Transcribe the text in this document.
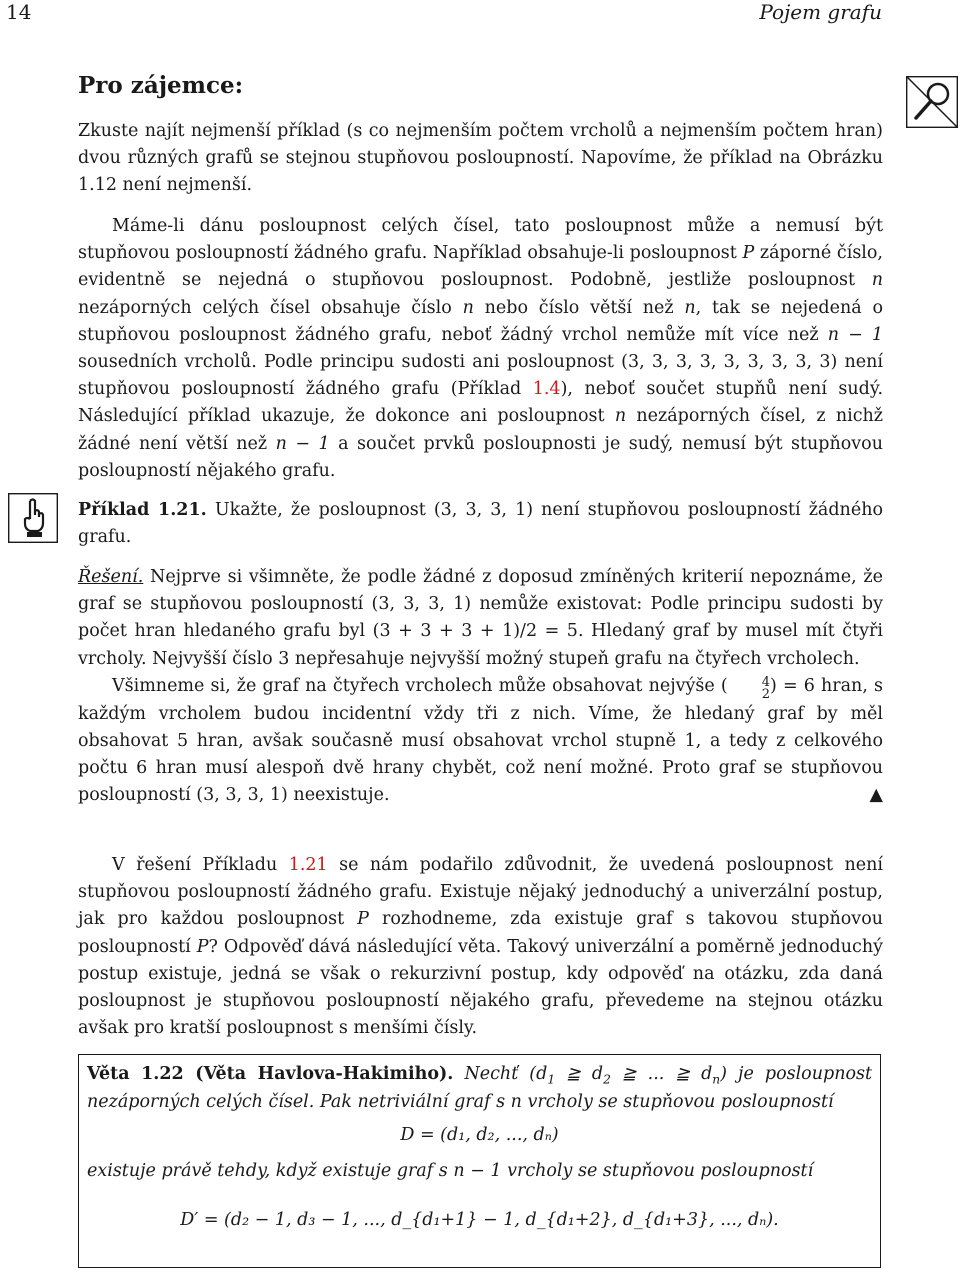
14	Pojem grafu
Pro zájemce:

Zkuste najít nejmenší příklad (s co nejmenším počtem vrcholů a nejmenším počtem hran) dvou různých grafů se stejnou stupňovou posloupností. Napovíme, že příklad na Obrázku 1.12 není nejmenší.

Máme-li dánu posloupnost celých čísel, tato posloupnost může a nemusí být stupňovou posloupností žádného grafu. Například obsahuje-li posloupnost P záporné číslo, evidentně se nejedná o stupňovou posloupnost. Podobně, jestliže posloupnost n nezáporných celých čísel obsahuje číslo n nebo číslo větší než n, tak se nejedená o stupňovou posloupnost žádného grafu, neboť žádný vrchol nemůže mít více než n − 1 sousedních vrcholů. Podle principu sudosti ani posloupnost (3, 3, 3, 3, 3, 3, 3, 3, 3) není stupňovou posloupností žádného grafu (Příklad 1.4), neboť součet stupňů není sudý. Následující příklad ukazuje, že dokonce ani posloupnost n nezáporných čísel, z nichž žádné není větší než n − 1 a součet prvků posloupnosti je sudý, nemusí být stupňovou posloupností nějakého grafu.

Příklad 1.21. Ukažte, že posloupnost (3, 3, 3, 1) není stupňovou posloupností žádného grafu.

Řešení. Nejprve si všimněte, že podle žádné z doposud zmíněných kriterií nepoznáme, že graf se stupňovou posloupností (3, 3, 3, 1) nemůže existovat: Podle principu sudosti by počet hran hledaného grafu byl (3 + 3 + 3 + 1)/2 = 5. Hledaný graf by musel mít čtyři vrcholy. Nejvyšší číslo 3 nepřesahuje nejvyšší možný stupeň grafu na čtyřech vrcholech.

Všimneme si, že graf na čtyřech vrcholech může obsahovat nejvýše (	4
2 ) = 6 hran, s každým vrcholem budou incidentní vždy tři z nich. Víme, že hledaný graf by měl obsahovat 5 hran, avšak současně musí obsahovat vrchol stupně 1, a tedy z celkového počtu 6 hran musí alespoň dvě hrany chybět, což není možné. Proto graf se stupňovou posloupností (3, 3, 3, 1) neexistuje.	▲

V řešení Příkladu 1.21 se nám podařilo zdůvodnit, že uvedená posloupnost není stupňovou posloupností žádného grafu. Existuje nějaký jednoduchý a univerzální postup, jak pro každou posloupnost P rozhodneme, zda existuje graf s takovou stupňovou posloupností P? Odpověď dává následující věta. Takový univerzální a poměrně jednoduchý postup existuje, jedná se však o rekurzivní postup, kdy odpověď na otázku, zda daná posloupnost je stupňovou posloupností nějakého grafu, převedeme na stejnou otázku avšak pro kratší posloupnost s menšími čísly.

Věta 1.22 (Věta Havlova-Hakimiho). Nechť ($d_1$ ≧ $d_2$ ≧ ... ≧ $d_n$) je posloupnost nezáporných celých čísel. Pak netriviální graf s n vrcholy se stupňovou posloupností
D = (d₁, d₂, ..., dₙ)
existuje právě tehdy, když existuje graf s n − 1 vrcholy se stupňovou posloupností
D′ = (d₂ − 1, d₃ − 1, ..., d_{d₁+1} − 1, d_{d₁+2}, d_{d₁+3}, ..., dₙ).
